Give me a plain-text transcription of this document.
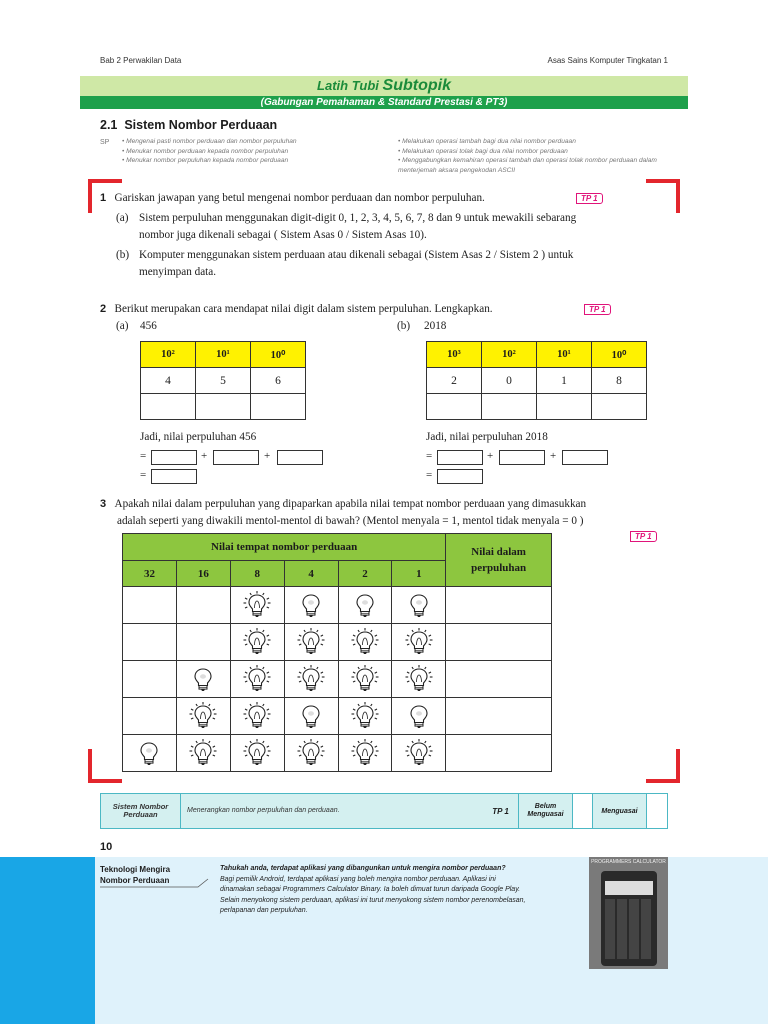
Bab 2 Perwakilan Data	Asas Sains Komputer Tingkatan 1
Latih Tubi Subtopik
(Gabungan Pemahaman & Standard Prestasi & PT3)
2.1 Sistem Nombor Perduaan
SP	• Mengenai pasti nombor perduaan dan nombor perpuluhan
• Menukar nombor perduaan kepada nombor perpuluhan
• Menukar nombor perpuluhan kepada nombor perduaan
• Melakukan operasi tambah bagi dua nilai nombor perduaan
• Melakukan operasi tolak bagi dua nilai nombor perduaan
• Menggabungkan kemahiran operasi tambah dan operasi tolak nombor perduaan dalam menterjemah aksara pengekodan ASCII
1 Gariskan jawapan yang betul mengenai nombor perduaan dan nombor perpuluhan.	TP 1
(a) Sistem perpuluhan menggunakan digit-digit 0, 1, 2, 3, 4, 5, 6, 7, 8 dan 9 untuk mewakili sebarang
nombor juga dikenali sebagai ( Sistem Asas 0 / Sistem Asas 10).
(b) Komputer menggunakan sistem perduaan atau dikenali sebagai (Sistem Asas 2 / Sistem 2 ) untuk
menyimpan data.
2 Berikut merupakan cara mendapat nilai digit dalam sistem perpuluhan. Lengkapkan.	TP 1
(a) 456	(b) 2018
10²	10¹	10⁰
4	5	6

10³	10²	10¹	10⁰
2	0	1	8

Jadi, nilai perpuluhan 456
=	+	+
=
Jadi, nilai perpuluhan 2018
=	+	+
=
3 Apakah nilai dalam perpuluhan yang dipaparkan apabila nilai tempat nombor perduaan yang dimasukkan
adalah seperti yang diwakili mentol-mentol di bawah? (Mentol menyala = 1, mentol tidak menyala = 0 )
TP 1
Nilai tempat nombor perduaan						Nilai dalam
perpuluhan

32	16	8	4	2	1	

Sistem Nombor Perduaan	Menerangkan nombor perpuluhan dan perduaan.	TP 1	Belum Menguasai	Menguasai
10
Teknologi Mengira
Nombor Perduaan
Tahukah anda, terdapat aplikasi yang dibangunkan untuk mengira nombor perduaan?
Bagi pemilik Android, terdapat aplikasi yang boleh mengira nombor perduaan. Aplikasi ini
dinamakan sebagai Programmers Calculator Binary. Ia boleh dimuat turun daripada Google Play.
Selain menyokong sistem perduaan, aplikasi ini turut menyokong sistem nombor perenombelasan,
perlapanan dan perpuluhan.
PROGRAMMERS CALCULATOR
